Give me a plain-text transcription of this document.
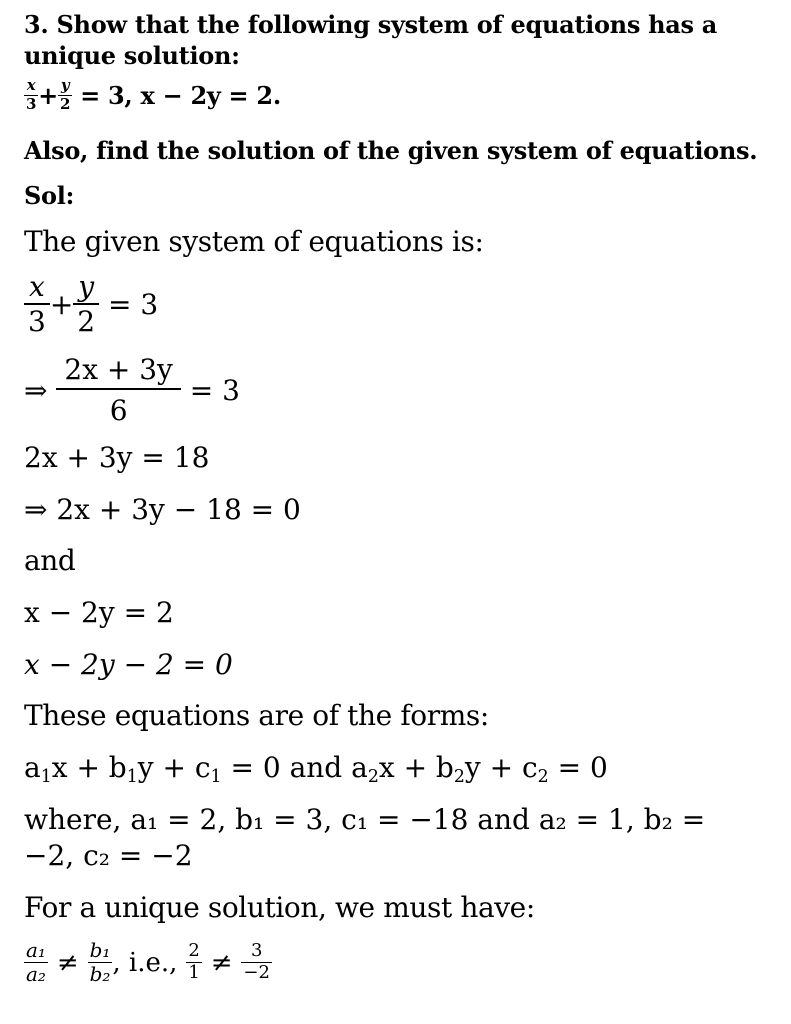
3. Show that the following system of equations has a
unique solution:
$\frac{x}{3} + \frac{y}{2} = 3$, x − 2y = 2.
Also, find the solution of the given system of equations.
Sol:
The given system of equations is:
$\frac{x}{3} + \frac{y}{2} = 3$
⇒ $\frac{2x + 3y}{6} = 3$
2x + 3y = 18
⇒ 2x + 3y − 18 = 0
and
x − 2y = 2
x − 2y − 2 = 0
These equations are of the forms:
$a_1x + b_1y + c_1 = 0$ and $a_2x + b_2y + c_2 = 0$
where, a₁ = 2, b₁ = 3, c₁ = −18 and a₂ = 1, b₂ =
−2, c₂ = −2
For a unique solution, we must have:
$\frac{\text{a₁}}{\text{a₂}} \ne \frac{\text{b₁}}{\text{b₂}}$ , i.e., $\frac{2}{1} \ne \frac{3}{-2}$
